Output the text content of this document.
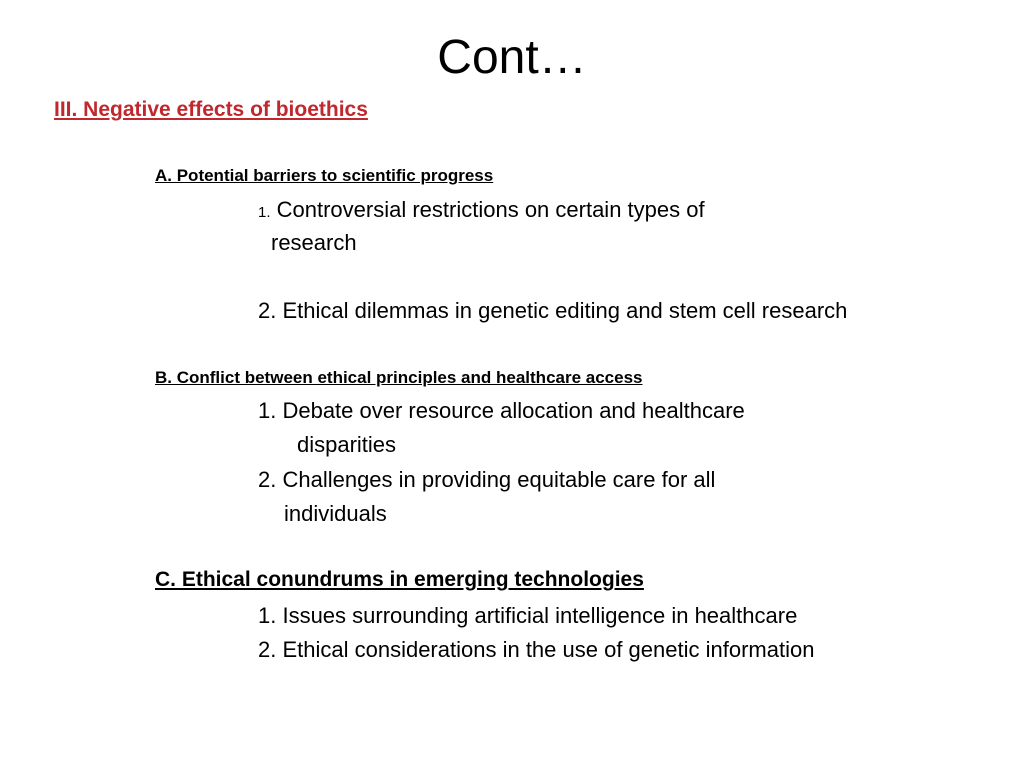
Cont…
III. Negative effects of bioethics
A. Potential barriers to scientific progress
1. Controversial restrictions on certain types of
research
2. Ethical dilemmas in genetic editing and stem cell research
B. Conflict between ethical principles and healthcare access
1. Debate over resource allocation and healthcare
disparities
2. Challenges in providing equitable care for all
individuals
C. Ethical conundrums in emerging technologies
1. Issues surrounding artificial intelligence in healthcare
2. Ethical considerations in the use of genetic information
